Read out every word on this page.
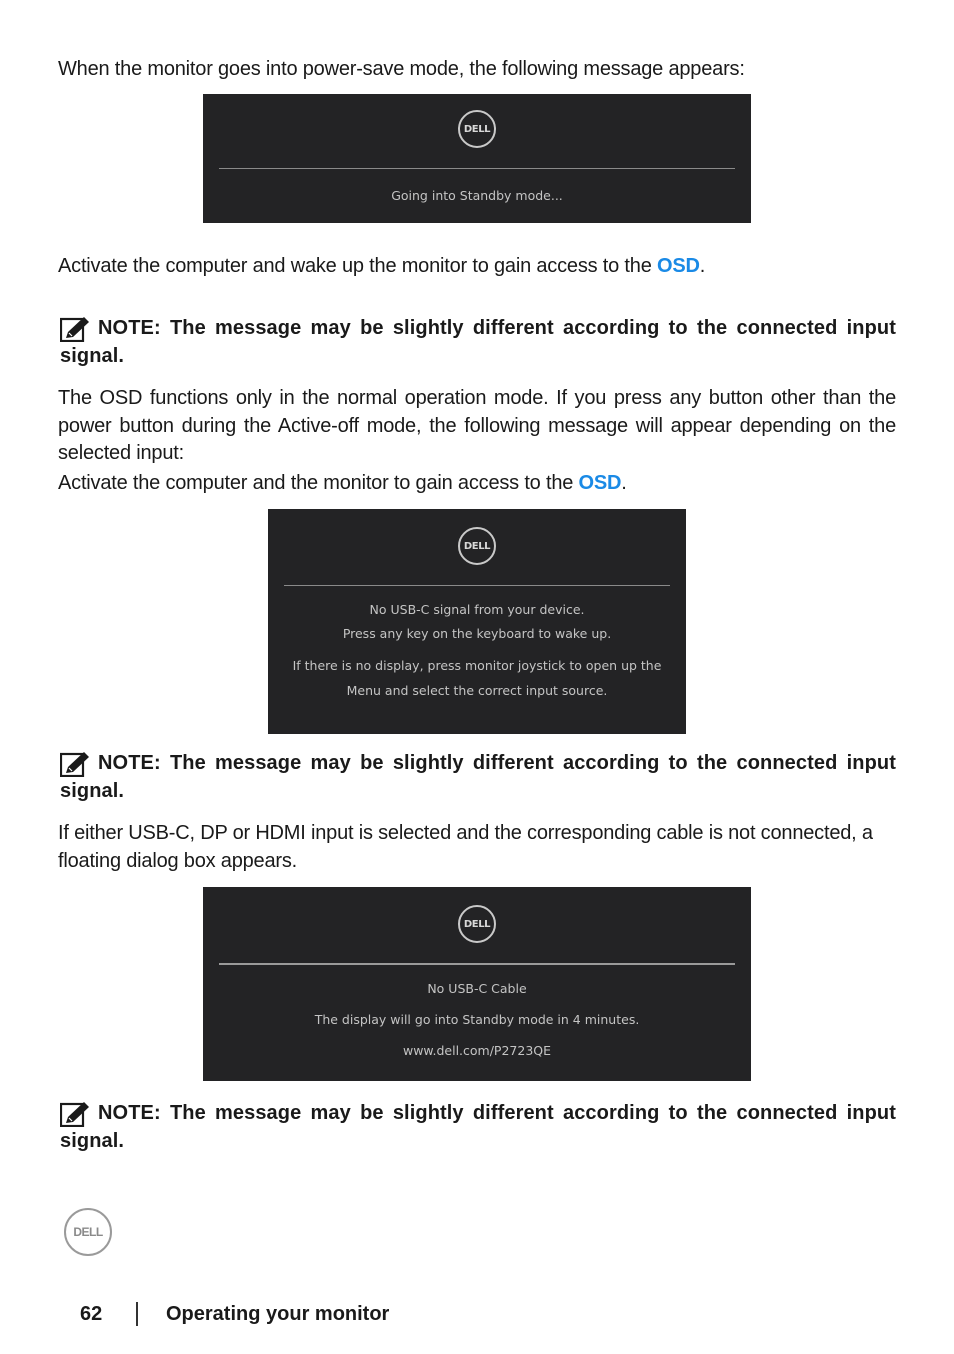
When the monitor goes into power-save mode, the following message appears:
DELL
Going into Standby mode...
Activate the computer and wake up the monitor to gain access to the OSD.
NOTE: The message may be slightly different according to the connected input signal.
The OSD functions only in the normal operation mode. If you press any button other than the power button during the Active-off mode, the following message will appear depending on the selected input:
Activate the computer and the monitor to gain access to the OSD.
DELL
No USB-C signal from your device.
Press any key on the keyboard to wake up.
If there is no display, press monitor joystick to open up the
Menu and select the correct input source.
NOTE: The message may be slightly different according to the connected input signal.
If either USB-C, DP or HDMI input is selected and the corresponding cable is not connected, a floating dialog box appears.
DELL
No USB-C Cable
The display will go into Standby mode in 4 minutes.
www.dell.com/P2723QE
NOTE: The message may be slightly different according to the connected input signal.
DELL
62	Operating your monitor
